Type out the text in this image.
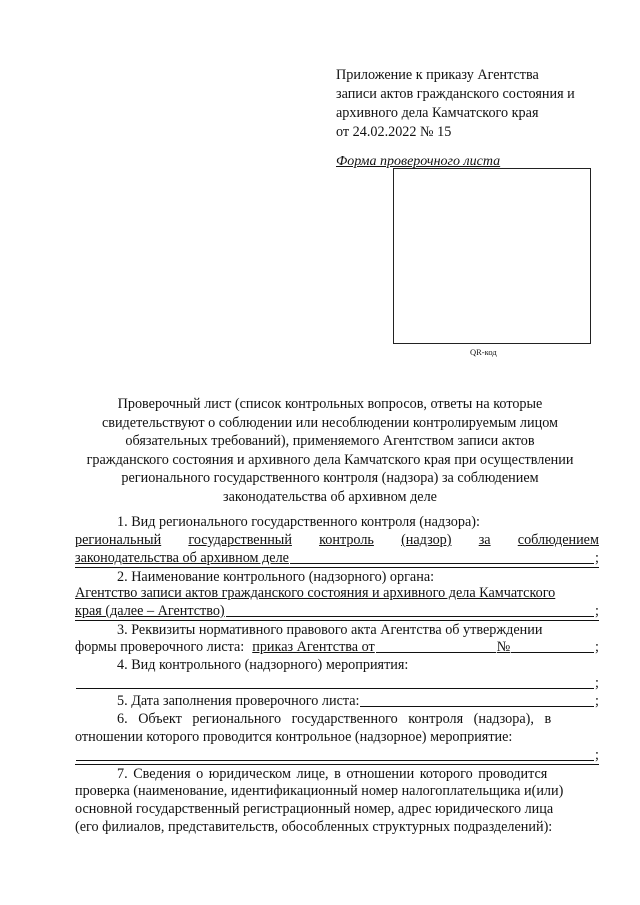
Приложение к приказу Агентства
записи актов гражданского состояния и
архивного дела Камчатского края
от 24.02.2022 № 15
Форма проверочного листа
QR-код
Проверочный лист (список контрольных вопросов, ответы на которые
свидетельствуют о соблюдении или несоблюдении контролируемым лицом
обязательных требований), применяемого Агентством записи актов
гражданского состояния и архивного дела Камчатского края при осуществлении
регионального государственного контроля (надзора) за соблюдением
законодательства об архивном деле
1. Вид регионального государственного контроля (надзора):
региональный государственный контроль (надзор) за соблюдением
законодательства об архивном деле	;
2. Наименование контрольного (надзорного) органа:
Агентство записи актов гражданского состояния и архивного дела Камчатского
края (далее – Агентство)	;
3. Реквизиты нормативного правового акта Агентства об утверждении
формы проверочного листа: приказ Агентства от	№	;
4. Вид контрольного (надзорного) мероприятия:
;
5. Дата заполнения проверочного листа:	;
6. Объект регионального государственного контроля (надзора), в
отношении которого проводится контрольное (надзорное) мероприятие:
;
7. Сведения о юридическом лице, в отношении которого проводится
проверка (наименование, идентификационный номер налогоплательщика и(или)
основной государственный регистрационный номер, адрес юридического лица
(его филиалов, представительств, обособленных структурных подразделений):
